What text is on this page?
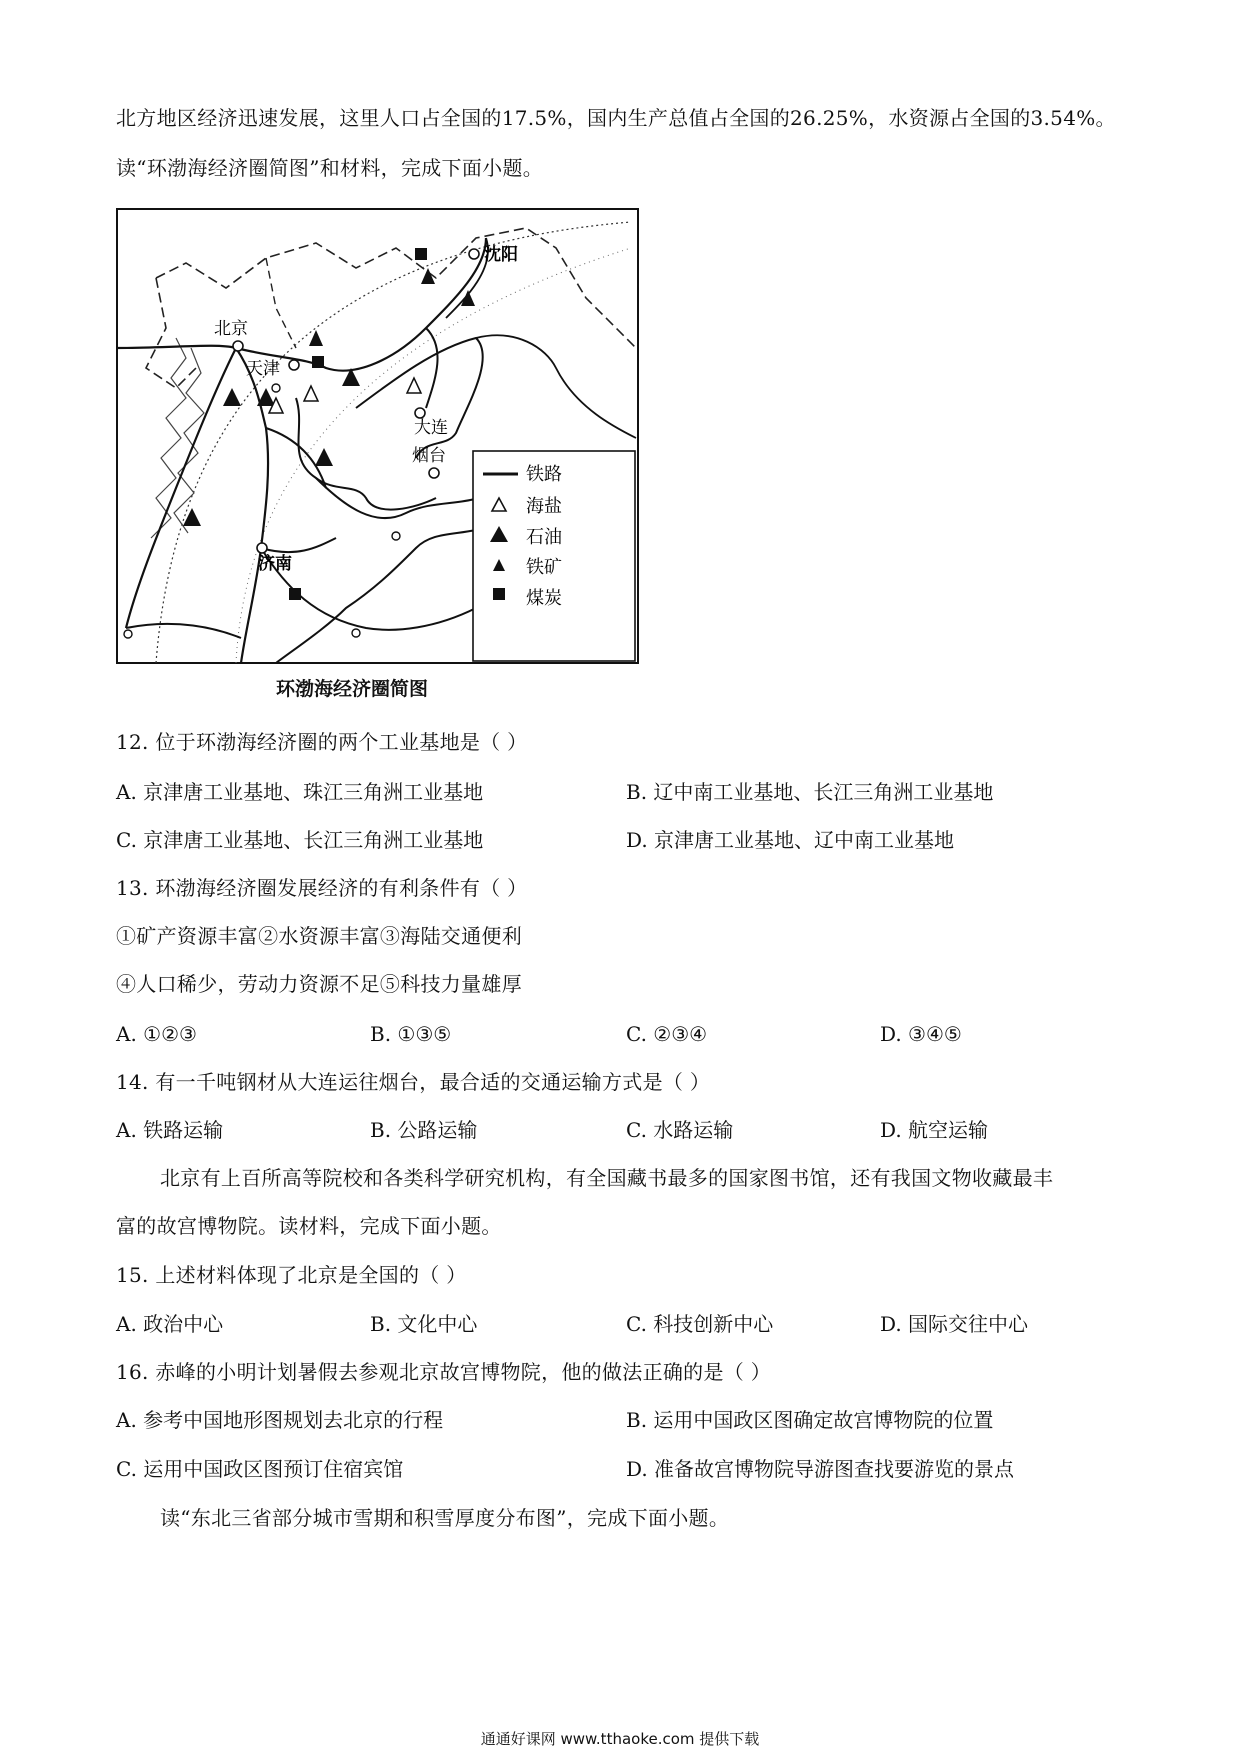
北方地区经济迅速发展，这里人口占全国的17.5%，国内生产总值占全国的26.25%，水资源占全国的3.54%。
读“环渤海经济圈简图”和材料，完成下面小题。
北京
天津
沈阳
大连
烟台
济南
铁路
海盐
石油
铁矿
煤炭
环渤海经济圈简图
12. 位于环渤海经济圈的两个工业基地是（ ）
A. 京津唐工业基地、珠江三角洲工业基地	B. 辽中南工业基地、长江三角洲工业基地
C. 京津唐工业基地、长江三角洲工业基地	D. 京津唐工业基地、辽中南工业基地
13. 环渤海经济圈发展经济的有利条件有（ ）
①矿产资源丰富②水资源丰富③海陆交通便利
④人口稀少，劳动力资源不足⑤科技力量雄厚
A. ①②③	B. ①③⑤	C. ②③④	D. ③④⑤
14. 有一千吨钢材从大连运往烟台，最合适的交通运输方式是（ ）
A. 铁路运输	B. 公路运输	C. 水路运输	D. 航空运输
北京有上百所高等院校和各类科学研究机构，有全国藏书最多的国家图书馆，还有我国文物收藏最丰
富的故宫博物院。读材料，完成下面小题。
15. 上述材料体现了北京是全国的（ ）
A. 政治中心	B. 文化中心	C. 科技创新中心	D. 国际交往中心
16. 赤峰的小明计划暑假去参观北京故宫博物院，他的做法正确的是（ ）
A. 参考中国地形图规划去北京的行程	B. 运用中国政区图确定故宫博物院的位置
C. 运用中国政区图预订住宿宾馆	D. 准备故宫博物院导游图查找要游览的景点
读“东北三省部分城市雪期和积雪厚度分布图”，完成下面小题。
通通好课网 www.tthaoke.com 提供下载
